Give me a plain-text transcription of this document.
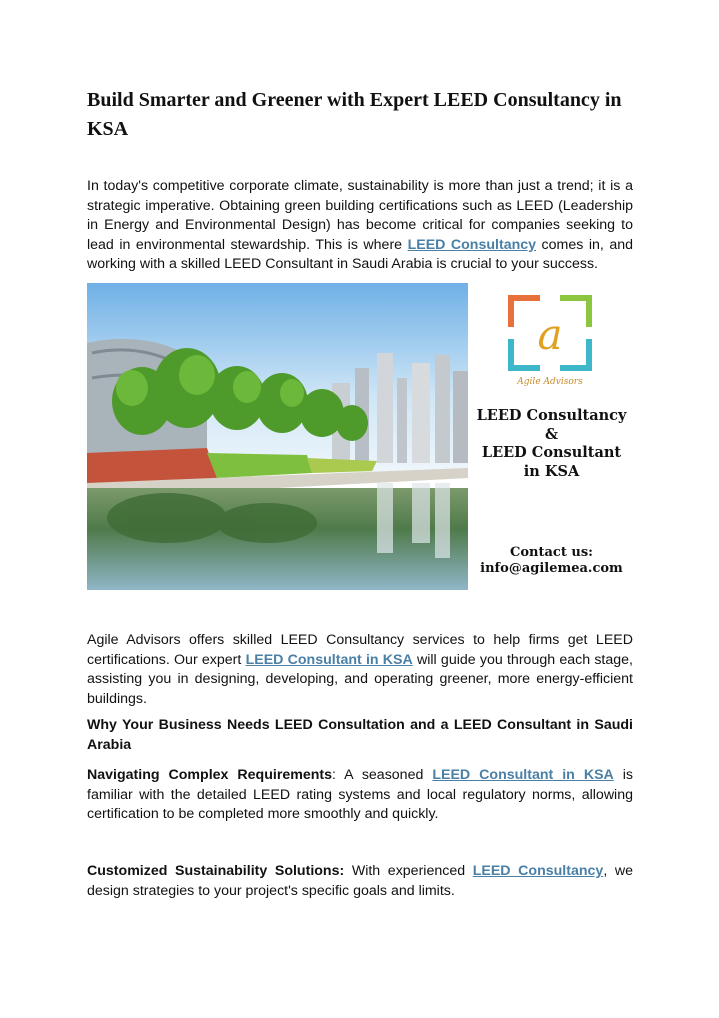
Build Smarter and Greener with Expert LEED Consultancy in KSA
In today's competitive corporate climate, sustainability is more than just a trend; it is a strategic imperative. Obtaining green building certifications such as LEED (Leadership in Energy and Environmental Design) has become critical for companies seeking to lead in environmental stewardship. This is where LEED Consultancy comes in, and working with a skilled LEED Consultant in Saudi Arabia is crucial to your success.
a
Agile Advisors
LEED Consultancy
&
LEED Consultant
in KSA
Contact us:
info@agilemea.com
Agile Advisors offers skilled LEED Consultancy services to help firms get LEED certifications. Our expert LEED Consultant in KSA will guide you through each stage, assisting you in designing, developing, and operating greener, more energy-efficient buildings.
Why Your Business Needs LEED Consultation and a LEED Consultant in Saudi Arabia
Navigating Complex Requirements: A seasoned LEED Consultant in KSA is familiar with the detailed LEED rating systems and local regulatory norms, allowing certification to be completed more smoothly and quickly.
Customized Sustainability Solutions: With experienced LEED Consultancy, we design strategies to your project's specific goals and limits.
